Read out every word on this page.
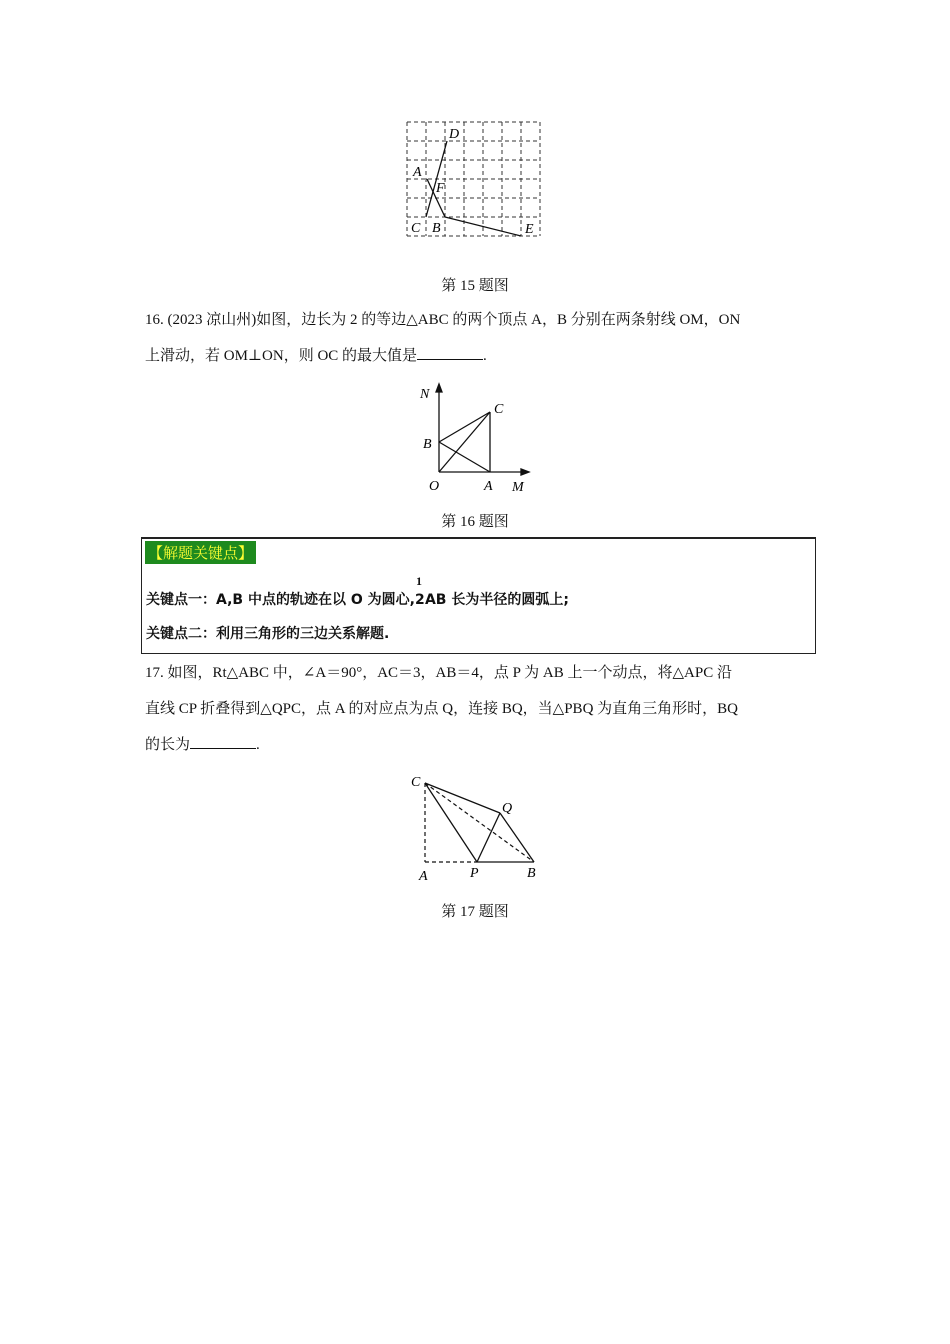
D
A
F
C B	E
第 15 题图
16. (2023 凉山州)如图，边长为 2 的等边△ABC 的两个顶点 A，B 分别在两条射线 OM，ON
上滑动，若 OM⊥ON，则 OC 的最大值是	.
N
C
B
O	A M
第 16 题图
【解题关键点】
关键点一：A,B 中点的轨迹在以 O 为圆心,
1
2AB 长为半径的圆弧上;
关键点二：利用三角形的三边关系解题.
17. 如图，Rt△ABC 中，∠A＝90°，AC＝3，AB＝4，点 P 为 AB 上一个动点，将△APC 沿
直线 CP 折叠得到△QPC，点 A 的对应点为点 Q，连接 BQ，当△PBQ 为直角三角形时，BQ
的长为	.
C
Q
A	P	B
第 17 题图
